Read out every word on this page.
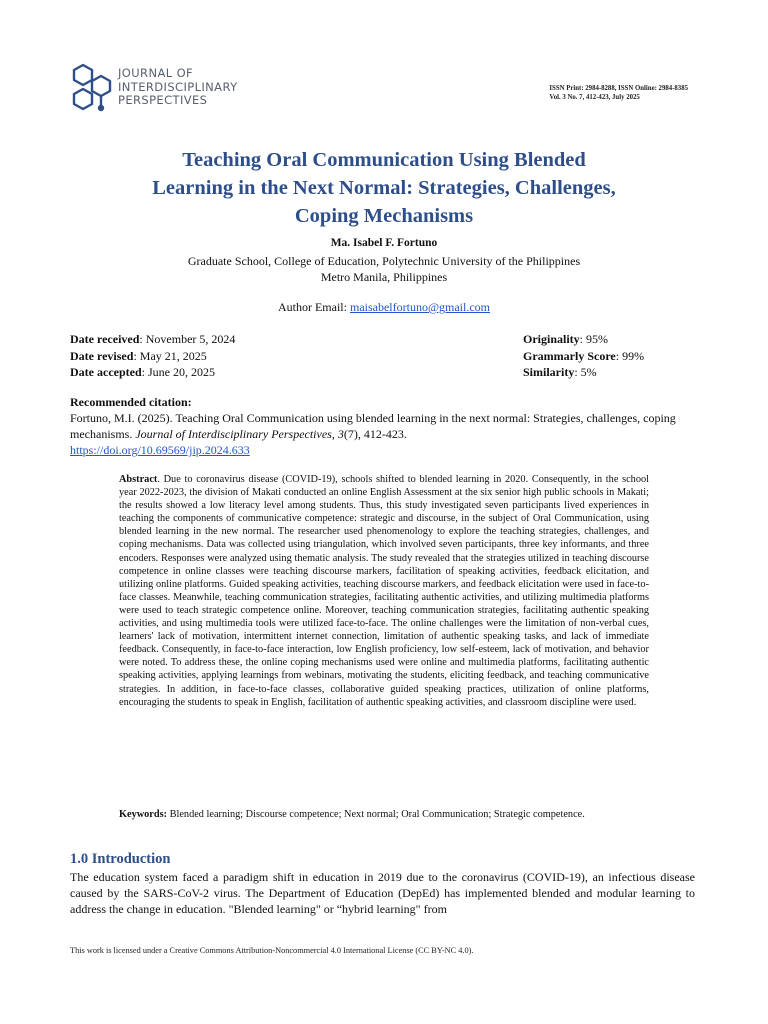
JOURNAL OF
INTERDISCIPLINARY
PERSPECTIVES
ISSN Print: 2984-8288, ISSN Online: 2984-8385
Vol. 3 No. 7, 412-423, July 2025
Teaching Oral Communication Using Blended
Learning in the Next Normal: Strategies, Challenges,
Coping Mechanisms
Ma. Isabel F. Fortuno
Graduate School, College of Education, Polytechnic University of the Philippines
Metro Manila, Philippines
Author Email: maisabelfortuno@gmail.com
Date received: November 5, 2024
Date revised: May 21, 2025
Date accepted: June 20, 2025
Originality: 95%
Grammarly Score: 99%
Similarity: 5%
Recommended citation:
Fortuno, M.I. (2025). Teaching Oral Communication using blended learning in the next normal: Strategies, challenges, coping mechanisms. Journal of Interdisciplinary Perspectives, 3(7), 412-423.
https://doi.org/10.69569/jip.2024.633
Abstract. Due to coronavirus disease (COVID-19), schools shifted to blended learning in 2020. Consequently, in the school year 2022-2023, the division of Makati conducted an online English Assessment at the six senior high public schools in Makati; the results showed a low literacy level among students. Thus, this study investigated seven participants lived experiences in teaching the components of communicative competence: strategic and discourse, in the subject of Oral Communication, using blended learning in the new normal. The researcher used phenomenology to explore the teaching strategies, challenges, and coping mechanisms. Data was collected using triangulation, which involved seven participants, three key informants, and three encoders. Responses were analyzed using thematic analysis. The study revealed that the strategies utilized in teaching discourse competence in online classes were teaching discourse markers, facilitation of speaking activities, feedback elicitation, and utilizing online platforms. Guided speaking activities, teaching discourse markers, and feedback elicitation were used in face-to-face classes. Meanwhile, teaching communication strategies, facilitating authentic activities, and utilizing multimedia platforms were used to teach strategic competence online. Moreover, teaching communication strategies, facilitating authentic speaking activities, and using multimedia tools were utilized face-to-face. The online challenges were the limitation of non-verbal cues, learners' lack of motivation, intermittent internet connection, limitation of authentic speaking tasks, and lack of immediate feedback. Consequently, in face-to-face interaction, low English proficiency, low self-esteem, lack of motivation, and behavior were noted. To address these, the online coping mechanisms used were online and multimedia platforms, facilitating authentic speaking activities, applying learnings from webinars, motivating the students, eliciting feedback, and teaching communicative strategies. In addition, in face-to-face classes, collaborative guided speaking practices, utilization of online platforms, encouraging the students to speak in English, facilitation of authentic speaking activities, and classroom discipline were used.
Keywords: Blended learning; Discourse competence; Next normal; Oral Communication; Strategic competence.
1.0 Introduction
The education system faced a paradigm shift in education in 2019 due to the coronavirus (COVID-19), an infectious disease caused by the SARS-CoV-2 virus. The Department of Education (DepEd) has implemented blended and modular learning to address the change in education. "Blended learning" or “hybrid learning" from
This work is licensed under a Creative Commons Attribution-Noncommercial 4.0 International License (CC BY-NC 4.0).
